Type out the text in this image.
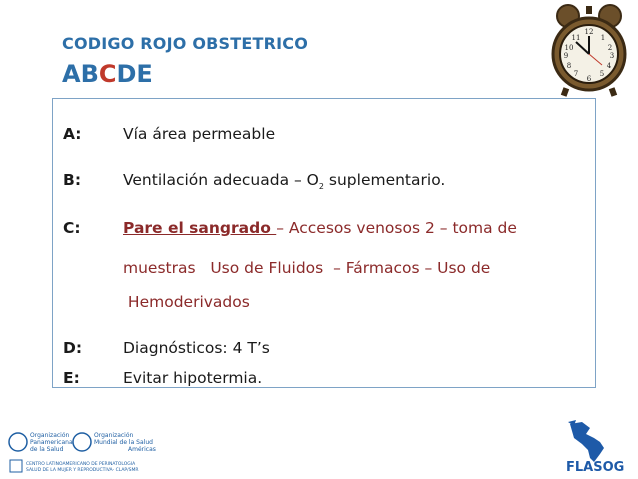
CODIGO ROJO OBSTETRICO
ABCDE
12
1
2
3
4
5
6
7
8
9
10
11
A:	Vía área permeable
B:	Ventilación adecuada – $O_2$ suplementario.
C:	Pare el sangrado – Accesos venosos 2 – toma de
muestras   Uso de Fluidos  – Fármacos – Uso de
Hemoderivados
D:	Diagnósticos: 4 T’s
E:	Evitar hipotermia.
Organización
Panamericana
de la Salud
Organización
Mundial de la Salud
Américas
CENTRO LATINOAMERICANO DE PERINATOLOGIA
SALUD DE LA MUJER Y REPRODUCTIVA- CLAP/SMR	FLASOG
